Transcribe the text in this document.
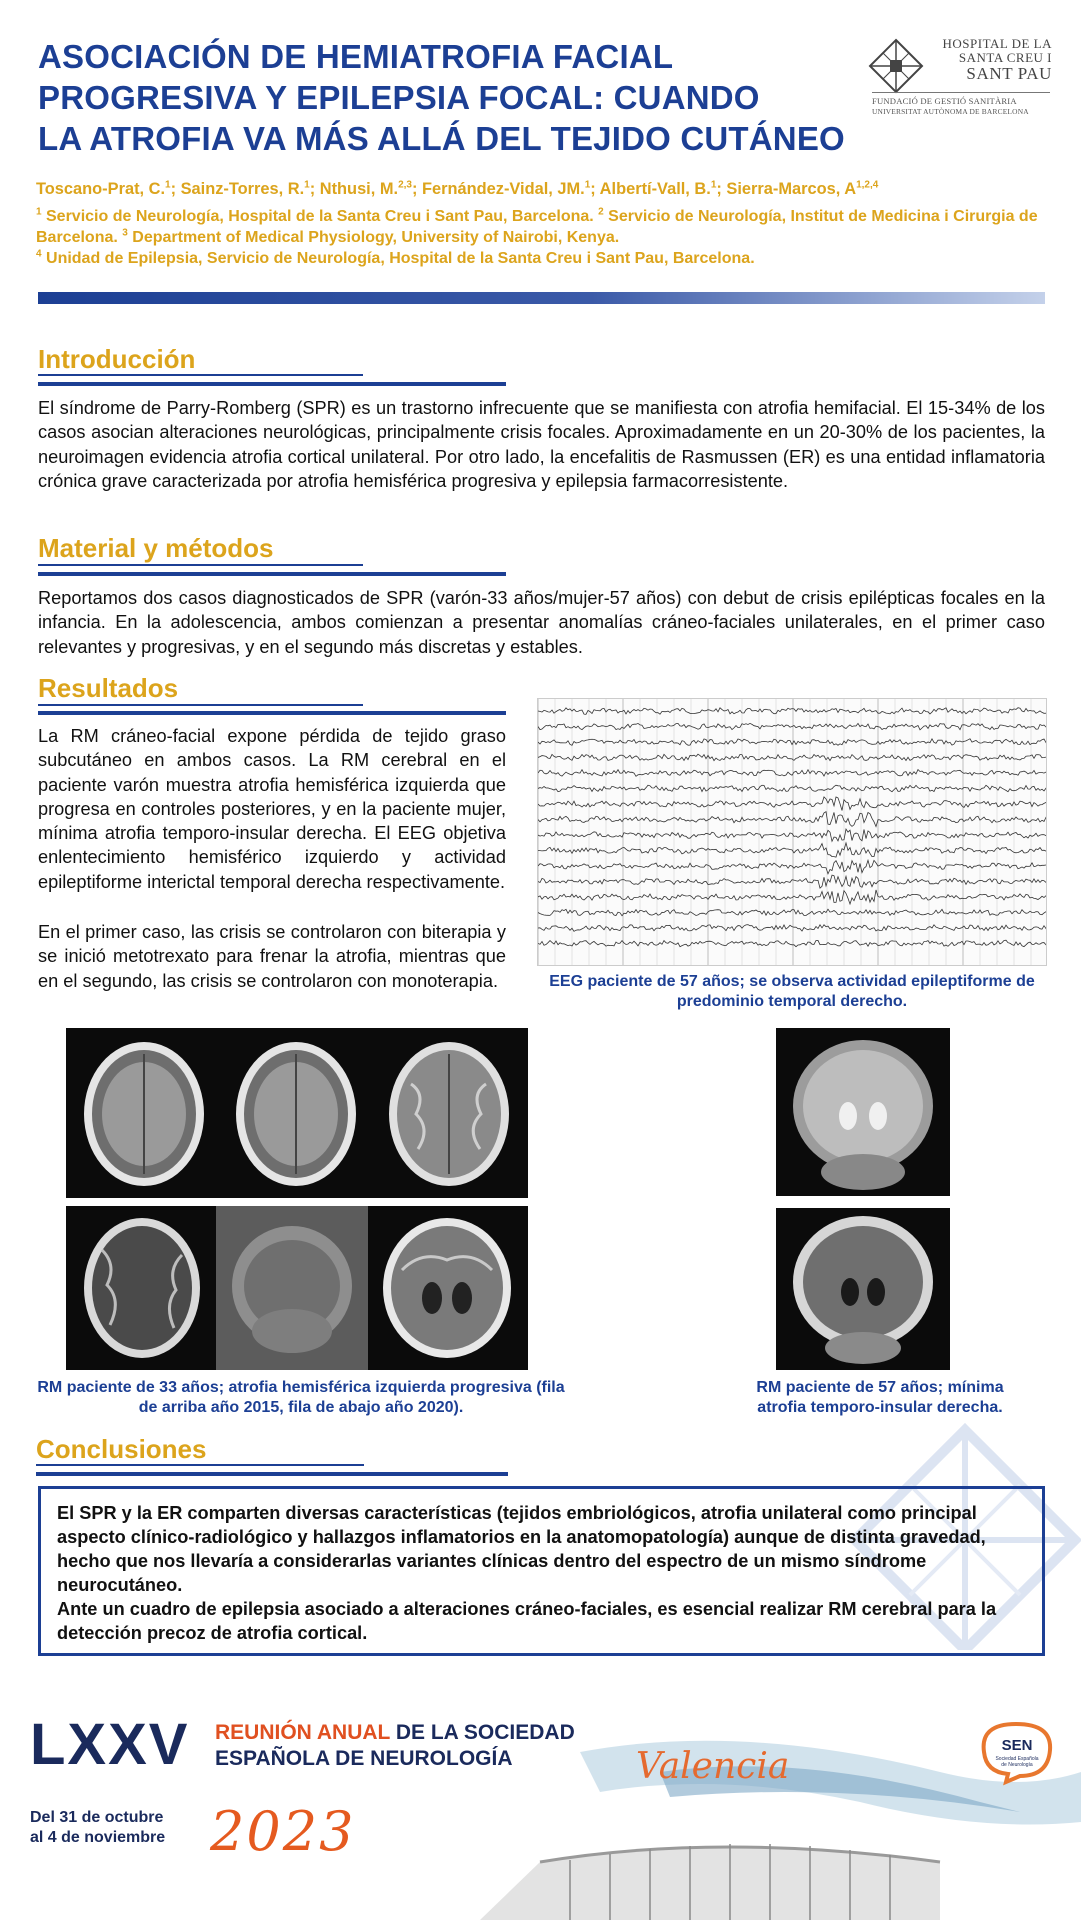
ASOCIACIÓN DE HEMIATROFIA FACIAL
PROGRESIVA Y EPILEPSIA FOCAL: CUANDO
LA ATROFIA VA MÁS ALLÁ DEL TEJIDO CUTÁNEO
HOSPITAL DE LA
SANTA CREU I
SANT PAU
FUNDACIÓ DE GESTIÓ SANITÀRIA
UNIVERSITAT AUTÒNOMA DE BARCELONA
Toscano-Prat, C.$^1$; Sainz-Torres, R.$^1$; Nthusi, M.$^{2,3}$; Fernández-Vidal, JM.$^1$; Albertí-Vall, B.$^1$; Sierra-Marcos, A$^{1,2,4}$
$^1$ Servicio de Neurología, Hospital de la Santa Creu i Sant Pau, Barcelona. $^2$ Servicio de Neurología, Institut de Medicina i Cirurgia de Barcelona. $^3$ Department of Medical Physiology, University of Nairobi, Kenya.
$^4$ Unidad de Epilepsia, Servicio de Neurología, Hospital de la Santa Creu i Sant Pau, Barcelona.
Introducción
El síndrome de Parry-Romberg (SPR) es un trastorno infrecuente que se manifiesta con atrofia hemifacial. El 15-34% de los casos asocian alteraciones neurológicas, principalmente crisis focales. Aproximadamente en un 20-30% de los pacientes, la neuroimagen evidencia atrofia cortical unilateral. Por otro lado, la encefalitis de Rasmussen (ER) es una entidad inflamatoria crónica grave caracterizada por atrofia hemisférica progresiva y epilepsia farmacorresistente.
Material y métodos
Reportamos dos casos diagnosticados de SPR (varón-33 años/mujer-57 años) con debut de crisis epilépticas focales en la infancia. En la adolescencia, ambos comienzan a presentar anomalías cráneo-faciales unilaterales, en el primer caso relevantes y progresivas, y en el segundo más discretas y estables.
Resultados
La RM cráneo-facial expone pérdida de tejido graso subcutáneo en ambos casos. La RM cerebral en el paciente varón muestra atrofia hemisférica izquierda que progresa en controles posteriores, y en la paciente mujer, mínima atrofia temporo-insular derecha. El EEG objetiva enlentecimiento hemisférico izquierdo y actividad epileptiforme interictal temporal derecha respectivamente.
En el primer caso, las crisis se controlaron con biterapia y se inició metotrexato para frenar la atrofia, mientras que en el segundo, las crisis se controlaron con monoterapia.	EEG paciente de 57 años; se observa actividad epileptiforme de predominio temporal derecho.
RM paciente de 33 años; atrofia hemisférica izquierda progresiva (fila de arriba año 2015, fila de abajo año 2020).
RM paciente de 57 años; mínima atrofia temporo-insular derecha.
Conclusiones

El SPR y la ER comparten diversas características (tejidos embriológicos, atrofia unilateral como principal aspecto clínico-radiológico y hallazgos inflamatorios en la anatomopatología) aunque de distinta gravedad, hecho que nos llevaría a considerarlas variantes clínicas dentro del espectro de un mismo síndrome neurocutáneo.

Ante un cuadro de epilepsia asociado a alteraciones cráneo-faciales, es esencial realizar RM cerebral para la detección precoz de atrofia cortical.

LXXV REUNIÓN ANUAL DE LA SOCIEDAD
ESPAÑOLA DE NEUROLOGÍA
Del 31 de octubre
al 4 de noviembre 2023
Valencia
SEN
Sociedad Española
de Neurología
